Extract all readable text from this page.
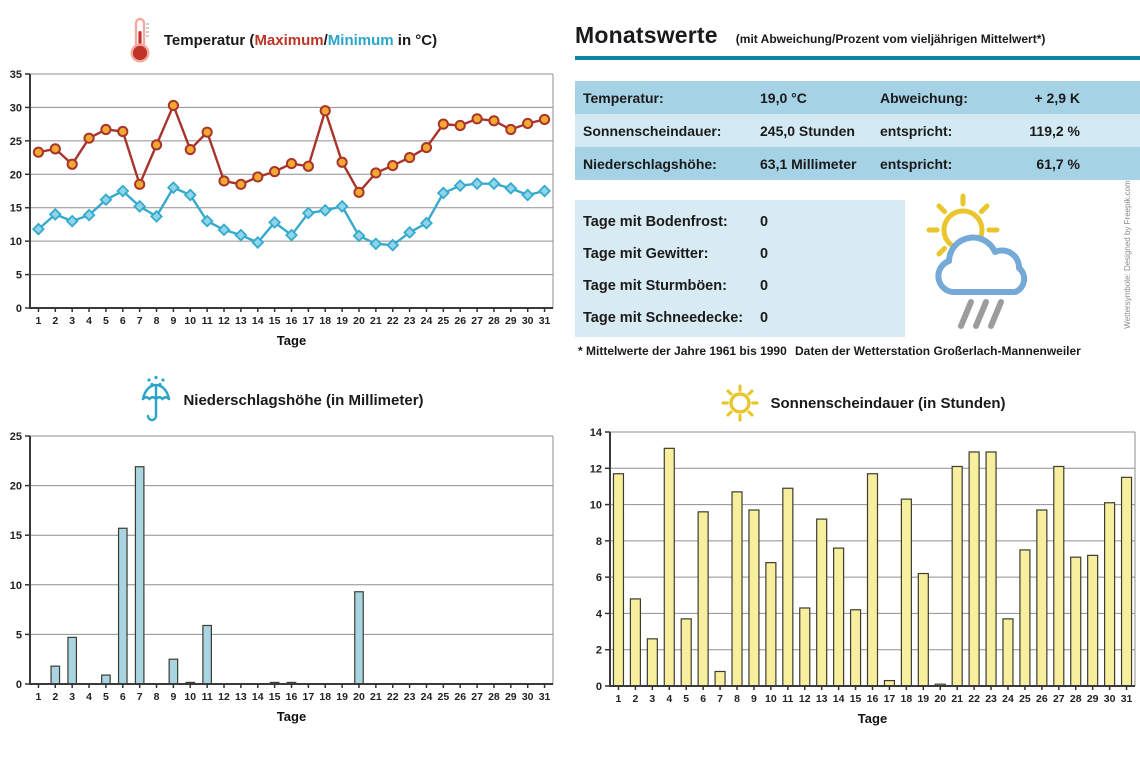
Temperatur (Maximum/Minimum in °C)
0
5
10
15
20
25
30
35
1 2 3 4 5 6 7 8 9 10 11 12 13 14 15 16 17 18 19 20 21 22 23 24 25 26 27 28 29 30 31
Tage
Monatswerte (mit Abweichung/Prozent vom vieljährigen Mittelwert*)
Temperatur:	19,0 °C	Abweichung:	+ 2,9 K
Sonnenscheindauer:	245,0 Stunden	entspricht:	119,2 %
Niederschlagshöhe:	63,1 Millimeter	entspricht:	61,7 %
Tage mit Bodenfrost:	0
Tage mit Gewitter:	0
Tage mit Sturmböen:	0
Tage mit Schneedecke:	0
* Mittelwerte der Jahre 1961 bis 1990 Daten der Wetterstation Großerlach-Mannenweiler
Wettersymbole: Designed by Freepik.com
Niederschlagshöhe (in Millimeter)
0
5
10
15
20
25
1 2 3 4 5 6 7 8 9 10 11 12 13 14 15 16 17 18 19 20 21 22 23 24 25 26 27 28 29 30 31
Tage
Sonnenscheindauer (in Stunden)
0
2
4
6
8
10
12
14
1 2 3 4 5 6 7 8 9 10 11 12 13 14 15 16 17 18 19 20 21 22 23 24 25 26 27 28 29 30 31
Tage
